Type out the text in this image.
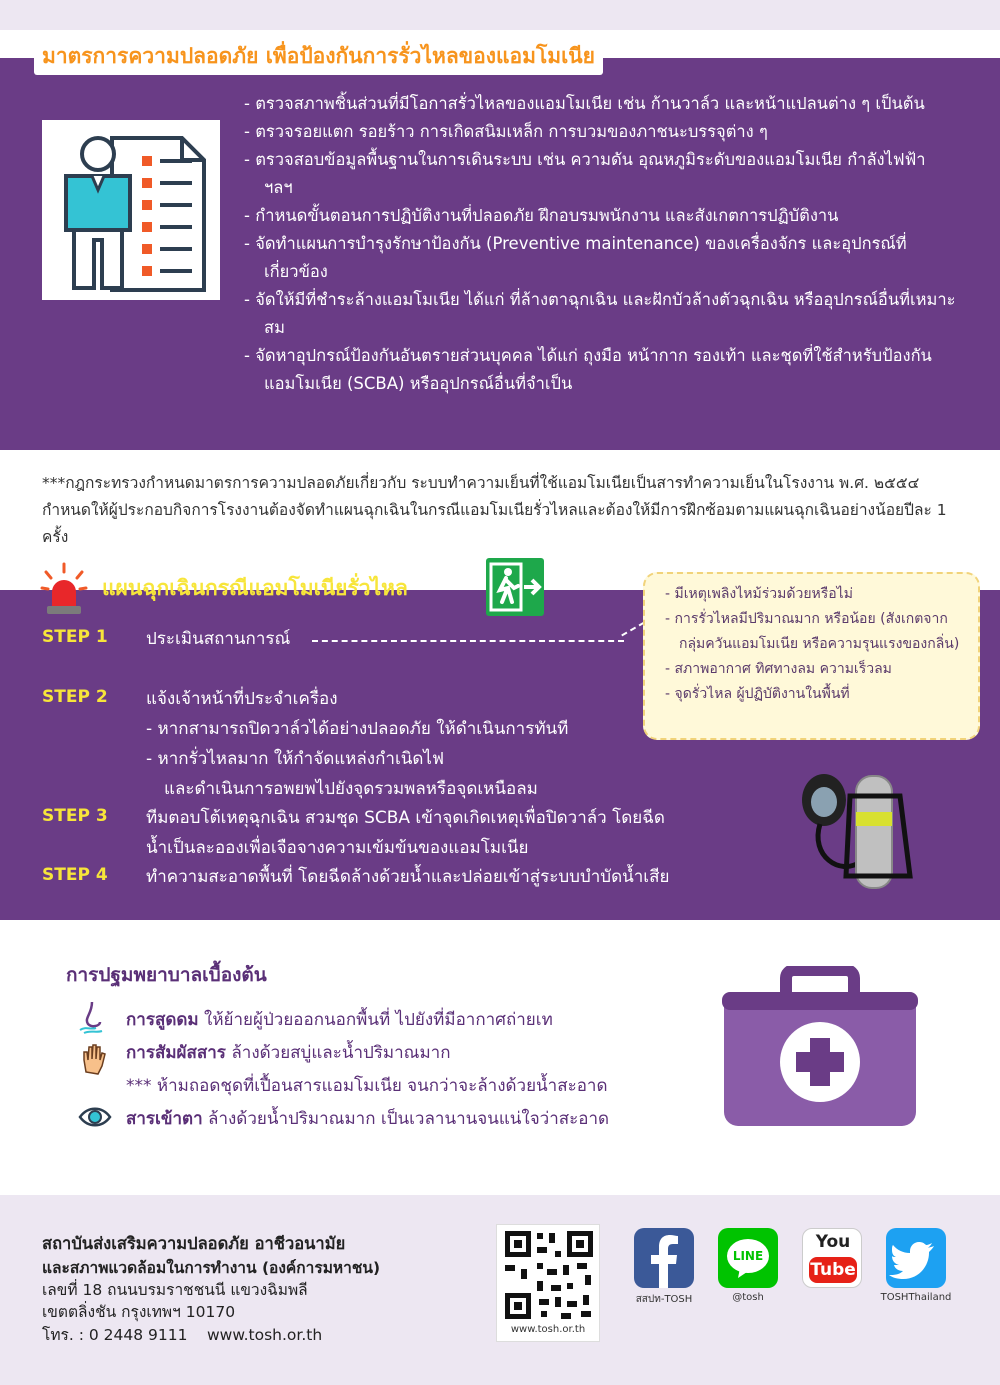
มาตรการความปลอดภัย เพื่อป้องกันการรั่วไหลของแอมโมเนีย
- ตรวจสภาพชิ้นส่วนที่มีโอกาสรั่วไหลของแอมโมเนีย เช่น ก้านวาล์ว และหน้าแปลนต่าง ๆ เป็นต้น
- ตรวจรอยแตก รอยร้าว การเกิดสนิมเหล็ก การบวมของภาชนะบรรจุต่าง ๆ
- ตรวจสอบข้อมูลพื้นฐานในการเดินระบบ เช่น ความดัน อุณหภูมิระดับของแอมโมเนีย กำลังไฟฟ้า ฯลฯ
- กำหนดขั้นตอนการปฏิบัติงานที่ปลอดภัย ฝึกอบรมพนักงาน และสังเกตการปฏิบัติงาน
- จัดทำแผนการบำรุงรักษาป้องกัน (Preventive maintenance) ของเครื่องจักร และอุปกรณ์ที่เกี่ยวข้อง
- จัดให้มีที่ชำระล้างแอมโมเนีย ได้แก่ ที่ล้างตาฉุกเฉิน และฝักบัวล้างตัวฉุกเฉิน หรืออุปกรณ์อื่นที่เหมาะสม
- จัดหาอุปกรณ์ป้องกันอันตรายส่วนบุคคล ได้แก่ ถุงมือ หน้ากาก รองเท้า และชุดที่ใช้สำหรับป้องกันแอมโมเนีย (SCBA) หรืออุปกรณ์อื่นที่จำเป็น
***กฎกระทรวงกำหนดมาตรการความปลอดภัยเกี่ยวกับ ระบบทำความเย็นที่ใช้แอมโมเนียเป็นสารทำความเย็นในโรงงาน พ.ศ. ๒๕๕๔ กำหนดให้ผู้ประกอบกิจการโรงงานต้องจัดทำแผนฉุกเฉินในกรณีแอมโมเนียรั่วไหลและต้องให้มีการฝึกซ้อมตามแผนฉุกเฉินอย่างน้อยปีละ 1 ครั้ง
แผนฉุกเฉินกรณีแอมโมเนียรั่วไหล
STEP 1 ประเมินสถานการณ์
STEP 2 แจ้งเจ้าหน้าที่ประจำเครื่อง
- หากสามารถปิดวาล์วได้อย่างปลอดภัย ให้ดำเนินการทันที
- หากรั่วไหลมาก ให้กำจัดแหล่งกำเนิดไฟ
และดำเนินการอพยพไปยังจุดรวมพลหรือจุดเหนือลม
STEP 3 ทีมตอบโต้เหตุฉุกเฉิน สวมชุด SCBA เข้าจุดเกิดเหตุเพื่อปิดวาล์ว โดยฉีด
น้ำเป็นละอองเพื่อเจือจางความเข้มข้นของแอมโมเนีย
STEP 4 ทำความสะอาดพื้นที่ โดยฉีดล้างด้วยน้ำและปล่อยเข้าสู่ระบบบำบัดน้ำเสีย
- มีเหตุเพลิงไหม้ร่วมด้วยหรือไม่
- การรั่วไหลมีปริมาณมาก หรือน้อย (สังเกตจากกลุ่มควันแอมโมเนีย หรือความรุนแรงของกลิ่น)
- สภาพอากาศ ทิศทางลม ความเร็วลม
- จุดรั่วไหล ผู้ปฏิบัติงานในพื้นที่
การปฐมพยาบาลเบื้องต้น
การสูดดม ให้ย้ายผู้ป่วยออกนอกพื้นที่ ไปยังที่มีอากาศถ่ายเท
การสัมผัสสาร ล้างด้วยสบู่และน้ำปริมาณมาก
*** ห้ามถอดชุดที่เปื้อนสารแอมโมเนีย จนกว่าจะล้างด้วยน้ำสะอาด
สารเข้าตา ล้างด้วยน้ำปริมาณมาก เป็นเวลานานจนแน่ใจว่าสะอาด
สถาบันส่งเสริมความปลอดภัย อาชีวอนามัย
และสภาพแวดล้อมในการทำงาน (องค์การมหาชน)
เลขที่ 18 ถนนบรมราชชนนี แขวงฉิมพลี
เขตตลิ่งชัน กรุงเทพฯ 10170
โทร. : 0 2448 9111 www.tosh.or.th	www.tosh.or.th
สสปท-TOSH
LINE
@tosh
You
Tube
TOSHThailand
